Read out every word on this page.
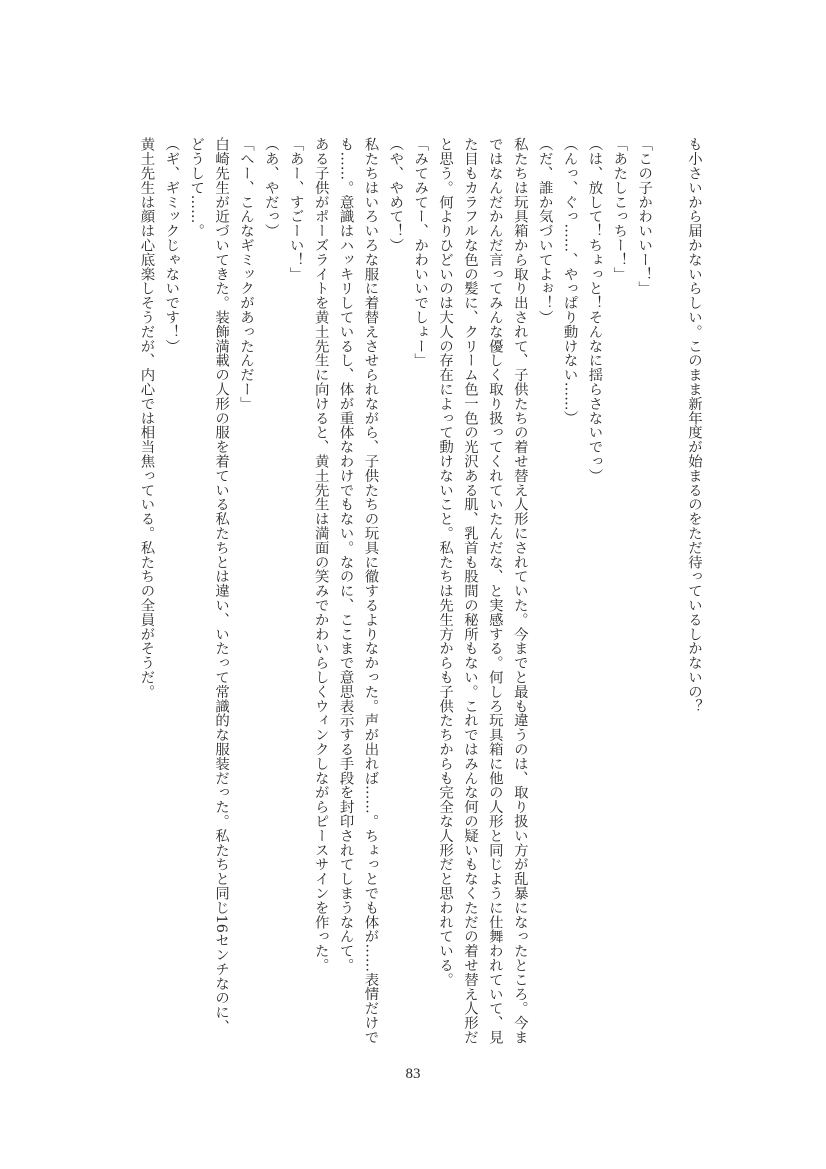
も小さいから届かないらしい。このまま新年度が始まるのをただ待っているしかないの？
「この子かわいいー！」
「あたしこっちー！」
（は、放して！ちょっと！そんなに揺らさないでっ）
（んっ、ぐっ……、やっぱり動けない……）
（だ、誰か気づいてよぉ！）
私たちは玩具箱から取り出されて、子供たちの着せ替え人形にされていた。今までと最も違うのは、取り扱い方が乱暴になったところ。今ま
ではなんだかんだ言ってみんな優しく取り扱ってくれていたんだな、と実感する。何しろ玩具箱に他の人形と同じように仕舞われていて、見
た目もカラフルな色の髪に、クリーム色一色の光沢ある肌、乳首も股間の秘所もない。これではみんな何の疑いもなくただの着せ替え人形だ
と思う。何よりひどいのは大人の存在によって動けないこと。私たちは先生方からも子供たちからも完全な人形だと思われている。
「みてみてー、かわいいでしょー」
（や、やめて！）
私たちはいろいろな服に着替えさせられながら、子供たちの玩具に徹するよりなかった。声が出れば……。ちょっとでも体が……表情だけで
も……。意識はハッキリしているし、体が重体なわけでもない。なのに、ここまで意思表示する手段を封印されてしまうなんて。
ある子供がポーズライトを黄土先生に向けると、黄土先生は満面の笑みでかわいらしくウィンクしながらピースサインを作った。
「あー、すごーい！」
（あ、やだっ）
「へー、こんなギミックがあったんだー」
白崎先生が近づいてきた。装飾満載の人形の服を着ている私たちとは違い、いたって常識的な服装だった。私たちと同じ16センチなのに、
どうして……。
（ギ、ギミックじゃないです！）
黄土先生は顔は心底楽しそうだが、内心では相当焦っている。私たちの全員がそうだ。
83
